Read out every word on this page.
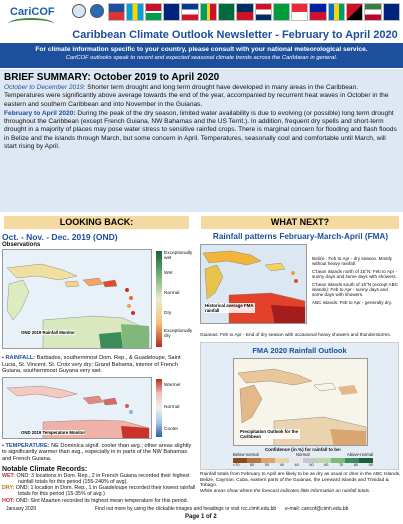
CariCOF
Caribbean Climate Outlook Newsletter - February to April 2020
For climate information specific to your country, please consult with your national meteorological service.
CariCOF outlooks speak to recent and expected seasonal climate trends across the Caribbean in general.
BRIEF SUMMARY: October 2019 to April 2020

October to December 2019: Shorter term drought and long term drought have developed in many areas in the Caribbean. Temperatures were significantly above average towards the end of the year, accompanied by recurrent heat waves in October in the eastern and southern Caribbean and into November in the Guianas.

February to April 2020: During the peak of the dry season, limited water availability is due to evolving (or possible) long term drought throughout the Caribbean (except French Guiana, NW Bahamas and the US Territ.). In addition, frequent dry spells and short-term drought in a majority of places may pose water stress to sensitive rainfed crops. There is marginal concern for flooding and flash floods in Belize and the islands through March, but some concern in April. Temperatures, seasonally cool and comfortable until March, will start rising by April.

LOOKING BACK:	WHAT NEXT?
Oct. - Nov. - Dec. 2019 (OND)
Observations
OND 2019 Rainfall Monitor
Exceptionally wet
Wet
Normal
Dry
Exceptionally dry

• RAINFALL: Barbados, southernmost Dom. Rep., & Guadeloupe, Saint Lucia, St. Vincent, St. Croix very dry; Grand Bahama, interior of French Guiana, southernmost Guyana very wet.

OND 2019 Temperature Monitor
Warmer
Normal
Cooler

• TEMPERATURE: NE Dominica signif. cooler than avg.; other areas slightly to significantly warmer than avg., especially in in parts of the NW Bahamas and French Guiana.

Notable Climate Records:

WET: OND: 3 locations in Dom. Rep., 2 in French Guiana recorded their highest rainfall totals for this period (155-240% of avg).

DRY: OND: 1 location in Dom. Rep., 1 in Guadeloupe recorded their lowest rainfall totals for this period (15-35% of avg.)

HOT: OND: Sint Maarten recorded its highest mean temperature for this period.

Rainfall patterns February-March-April (FMA)
Historical average FMA rainfall

Belize : Feb to Apr - dry season. Mostly without heavy rainfall.

C'bean islands north of 15°N: Feb to Apr - sunny days and some days with showers.

C'bean islands south of 15°N (except ABC islands): Feb to Apr - sunny days and some days with showers.

ABC islands: Feb to Apr - generally dry.

Guianas: Feb to Apr - End of dry season with occasional heavy showers and thunderstorms.

FMA 2020 Rainfall Outlook
Precipitation Outlook for the Caribbean
Confidence (in %) for rainfall to be:
Below-normal	Normal	Above-normal
<70	60	50	40	40	50	60	70	80	90

Rainfall totals from February to April are likely to be as dry as usual or drier in the ABC Islands, Belize, Cayman, Cuba, eastern parts of the Guianas, the Leeward Islands and Trinidad & Tobago.

White areas show where the forecast indicates little information on rainfall totals.

January 2020	Find out more by using the clickable images and headings or visit rcc.cimh.edu.bb e-mail: caricof@cimh.edu.bb
Page 1 of 2
